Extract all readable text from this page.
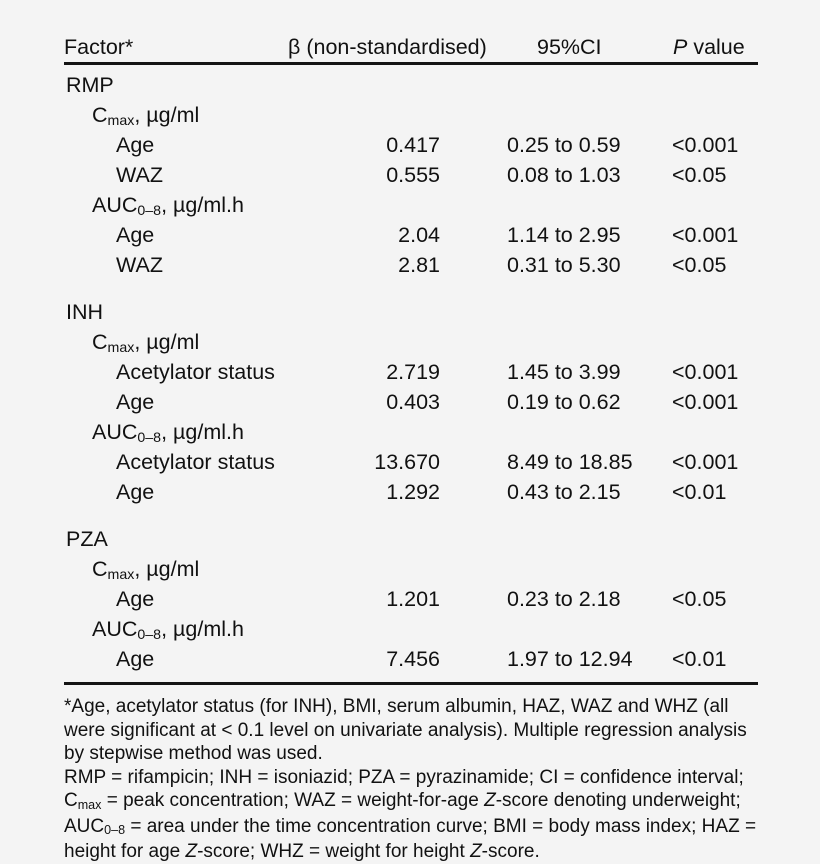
Factor*	β (non-standardised) 95%CI	P value
RMP
$C_{max}$, µg/ml
Age	0.417	0.25 to 0.59 <0.001
WAZ	0.555	0.08 to 1.03 <0.05
$AUC_{0-8}$, µg/ml.h
Age	2.04	1.14 to 2.95 <0.001
WAZ	2.81	0.31 to 5.30 <0.05
INH
$C_{max}$, µg/ml
Acetylator status	2.719	1.45 to 3.99 <0.001
Age	0.403	0.19 to 0.62 <0.001
$AUC_{0-8}$, µg/ml.h
Acetylator status	13.670	8.49 to 18.85 <0.001
Age	1.292	0.43 to 2.15 <0.01
PZA
$C_{max}$, µg/ml
Age	1.201	0.23 to 2.18 <0.05
$AUC_{0-8}$, µg/ml.h
Age	7.456	1.97 to 12.94 <0.01

*Age, acetylator status (for INH), BMI, serum albumin, HAZ, WAZ and WHZ (all were significant at < 0.1 level on univariate analysis). Multiple regression analysis by stepwise method was used.

RMP = rifampicin; INH = isoniazid; PZA = pyrazinamide; CI = confidence interval; $C_{max}$ = peak concentration; WAZ = weight-for-age Z-score denoting underweight; $AUC_{0-8}$ = area under the time concentration curve; BMI = body mass index; HAZ = height for age Z-score; WHZ = weight for height Z-score.
